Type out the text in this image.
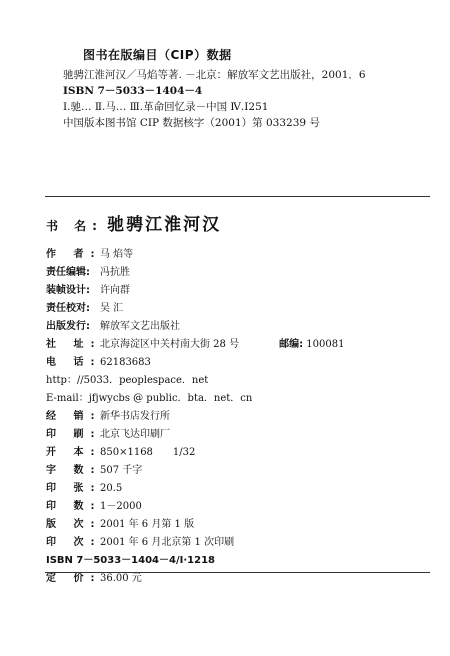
图书在版编目（CIP）数据
驰骋江淮河汉／马焰等著. －北京：解放军文艺出版社，2001．6
ISBN 7－5033－1404－4
Ⅰ.驰… Ⅱ.马… Ⅲ.革命回忆录－中国 Ⅳ.Ⅰ251
中国版本图书馆 CIP 数据核字（2001）第 033239 号
书 名: 驰骋江淮河汉
作 者:
马 焰等
责任编辑:	冯抗胜
装帧设计:	许向群
责任校对:	吴 汇
出版发行:	解放军文艺出版社
社 址:
北京海淀区中关村南大街 28 号	邮编: 100081
电 话:
62183683
http：//5033．peoplespace．net
E-mail：jfjwycbs @ public．bta．net．cn
经 销:
新华书店发行所
印 刷:
北京飞达印刷厂
开 本:
850×1168　　1/32
字 数:
507 千字
印 张:
20.5
印 数:
1－2000
版 次:
2001 年 6 月第 1 版
印 次:
2001 年 6 月北京第 1 次印刷
ISBN 7－5033－1404－4/Ⅰ·1218
定 价:
36.00 元
